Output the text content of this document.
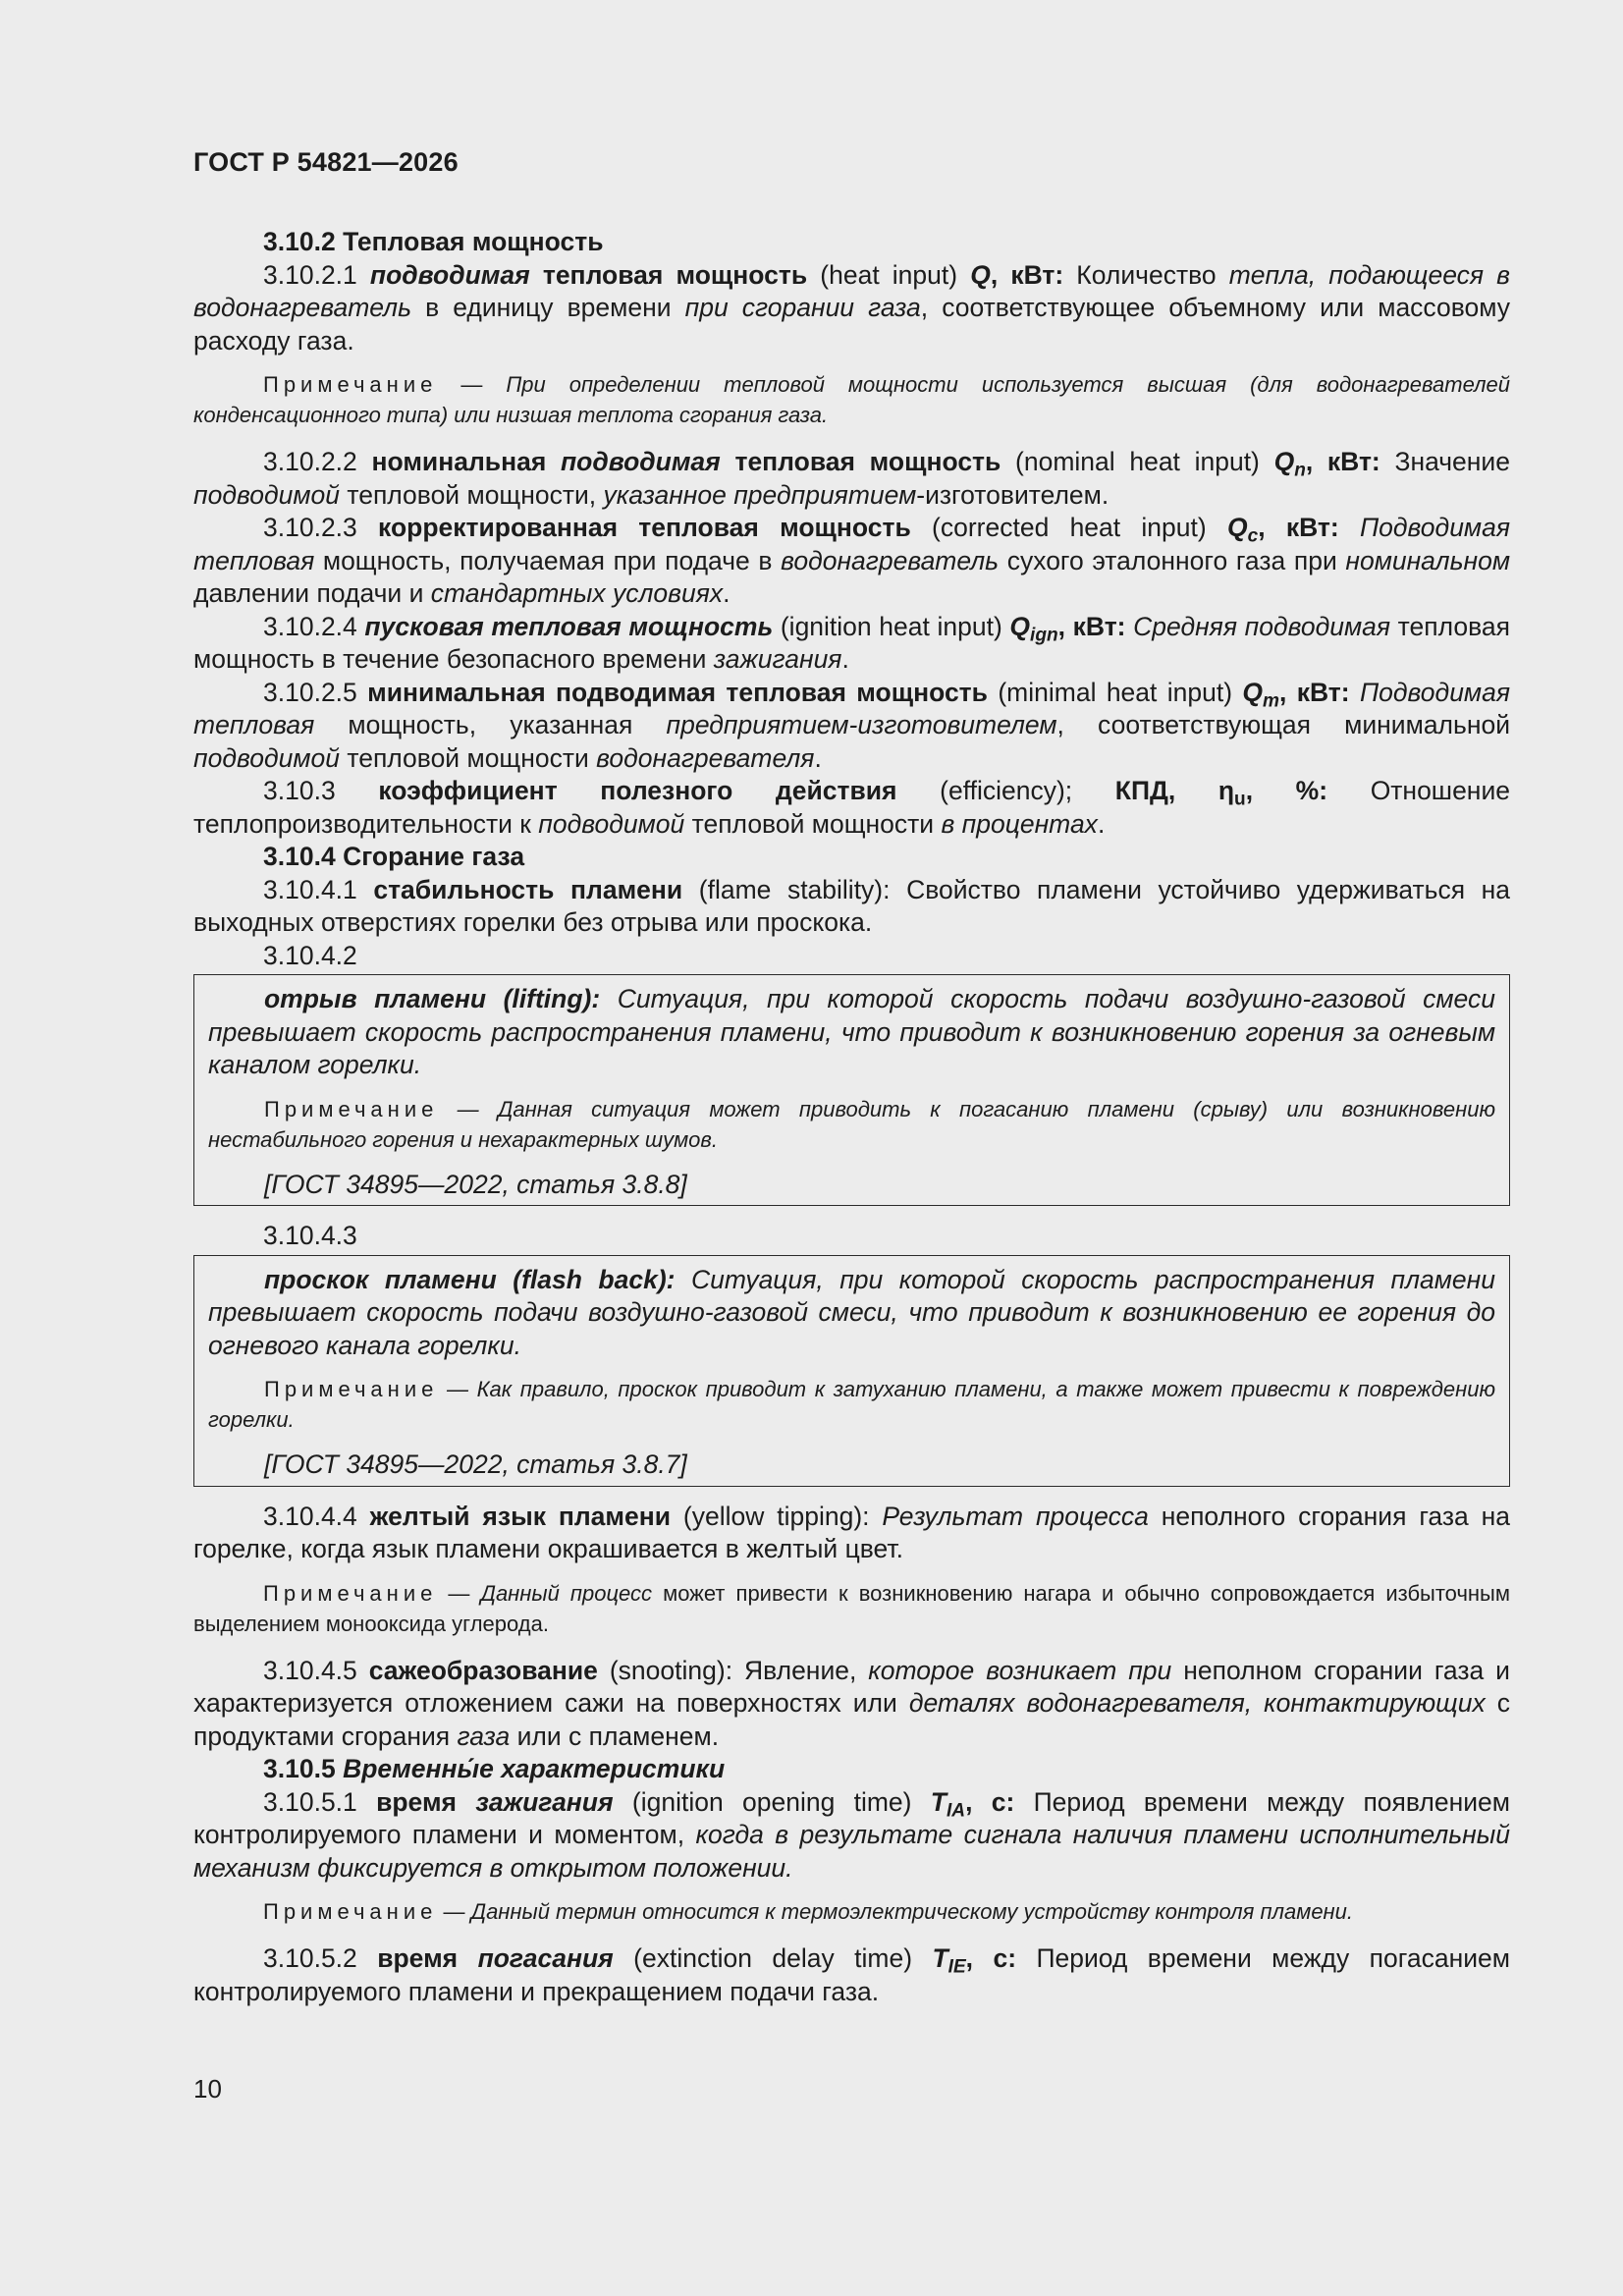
ГОСТ Р 54821—2026

3.10.2 Тепловая мощность

3.10.2.1 подводимая тепловая мощность (heat input) Q, кВт: Количество тепла, подающееся в водонагреватель в единицу времени при сгорании газа, соответствующее объемному или массовому расходу газа.

Примечание — При определении тепловой мощности используется высшая (для водонагревателей конденсационного типа) или низшая теплота сгорания газа.

3.10.2.2 номинальная подводимая тепловая мощность (nominal heat input) $Q_n$, кВт: Значение подводимой тепловой мощности, указанное предприятием-изготовителем.

3.10.2.3 корректированная тепловая мощность (corrected heat input) $Q_c$, кВт: Подводимая тепловая мощность, получаемая при подаче в водонагреватель сухого эталонного газа при номинальном давлении подачи и стандартных условиях.

3.10.2.4 пусковая тепловая мощность (ignition heat input) $Q_{ign}$, кВт: Средняя подводимая тепловая мощность в течение безопасного времени зажигания.

3.10.2.5 минимальная подводимая тепловая мощность (minimal heat input) $Q_m$, кВт: Подводимая тепловая мощность, указанная предприятием-изготовителем, соответствующая минимальной подводимой тепловой мощности водонагревателя.

3.10.3 коэффициент полезного действия (efficiency); КПД, $\eta_u$, %: Отношение теплопроизводительности к подводимой тепловой мощности в процентах.

3.10.4 Сгорание газа

3.10.4.1 стабильность пламени (flame stability): Свойство пламени устойчиво удерживаться на выходных отверстиях горелки без отрыва или проскока.

3.10.4.2

отрыв пламени (lifting): Ситуация, при которой скорость подачи воздушно-газовой смеси превышает скорость распространения пламени, что приводит к возникновению горения за огневым каналом горелки.

Примечание — Данная ситуация может приводить к погасанию пламени (срыву) или возникновению нестабильного горения и нехарактерных шумов.

[ГОСТ 34895—2022, статья 3.8.8]

3.10.4.3

проскок пламени (flash back): Ситуация, при которой скорость распространения пламени превышает скорость подачи воздушно-газовой смеси, что приводит к возникновению ее горения до огневого канала горелки.

Примечание — Как правило, проскок приводит к затуханию пламени, а также может привести к повреждению горелки.

[ГОСТ 34895—2022, статья 3.8.7]

3.10.4.4 желтый язык пламени (yellow tipping): Результат процесса неполного сгорания газа на горелке, когда язык пламени окрашивается в желтый цвет.

Примечание — Данный процесс может привести к возникновению нагара и обычно сопровождается избыточным выделением монооксида углерода.

3.10.4.5 сажеобразование (snooting): Явление, которое возникает при неполном сгорании газа и характеризуется отложением сажи на поверхностях или деталях водонагревателя, контактирующих с продуктами сгорания газа или с пламенем.

3.10.5 Временны́е характеристики

3.10.5.1 время зажигания (ignition opening time) $T_{IA}$, с: Период времени между появлением контролируемого пламени и моментом, когда в результате сигнала наличия пламени исполнительный механизм фиксируется в открытом положении.

Примечание — Данный термин относится к термоэлектрическому устройству контроля пламени.

3.10.5.2 время погасания (extinction delay time) $T_{IE}$, с: Период времени между погасанием контролируемого пламени и прекращением подачи газа.

10
